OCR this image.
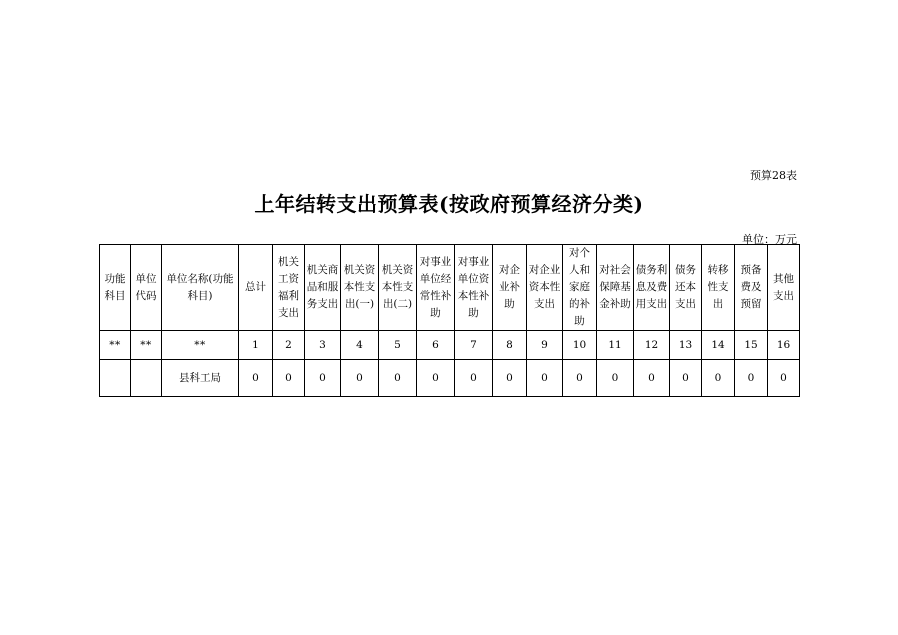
预算28表
上年结转支出预算表(按政府预算经济分类)
单位：万元
功能科目	单位代码	单位名称(功能科目)	总计	机关工资福利支出	机关商品和服务支出	机关资本性支出(一)	机关资本性支出(二)	对事业单位经常性补助	对事业单位资本性补助	对企业补助	对企业资本性支出	对个人和家庭的补助	对社会保障基金补助	债务利息及费用支出	债务还本支出	转移性支出	预备费及预留	其他支出
**	**	**	1	2	3	4	5	6	7	8	9	10	11	12	13	14	15	16
		县科工局	0	0	0	0	0	0	0	0	0	0	0	0	0	0	0	0
